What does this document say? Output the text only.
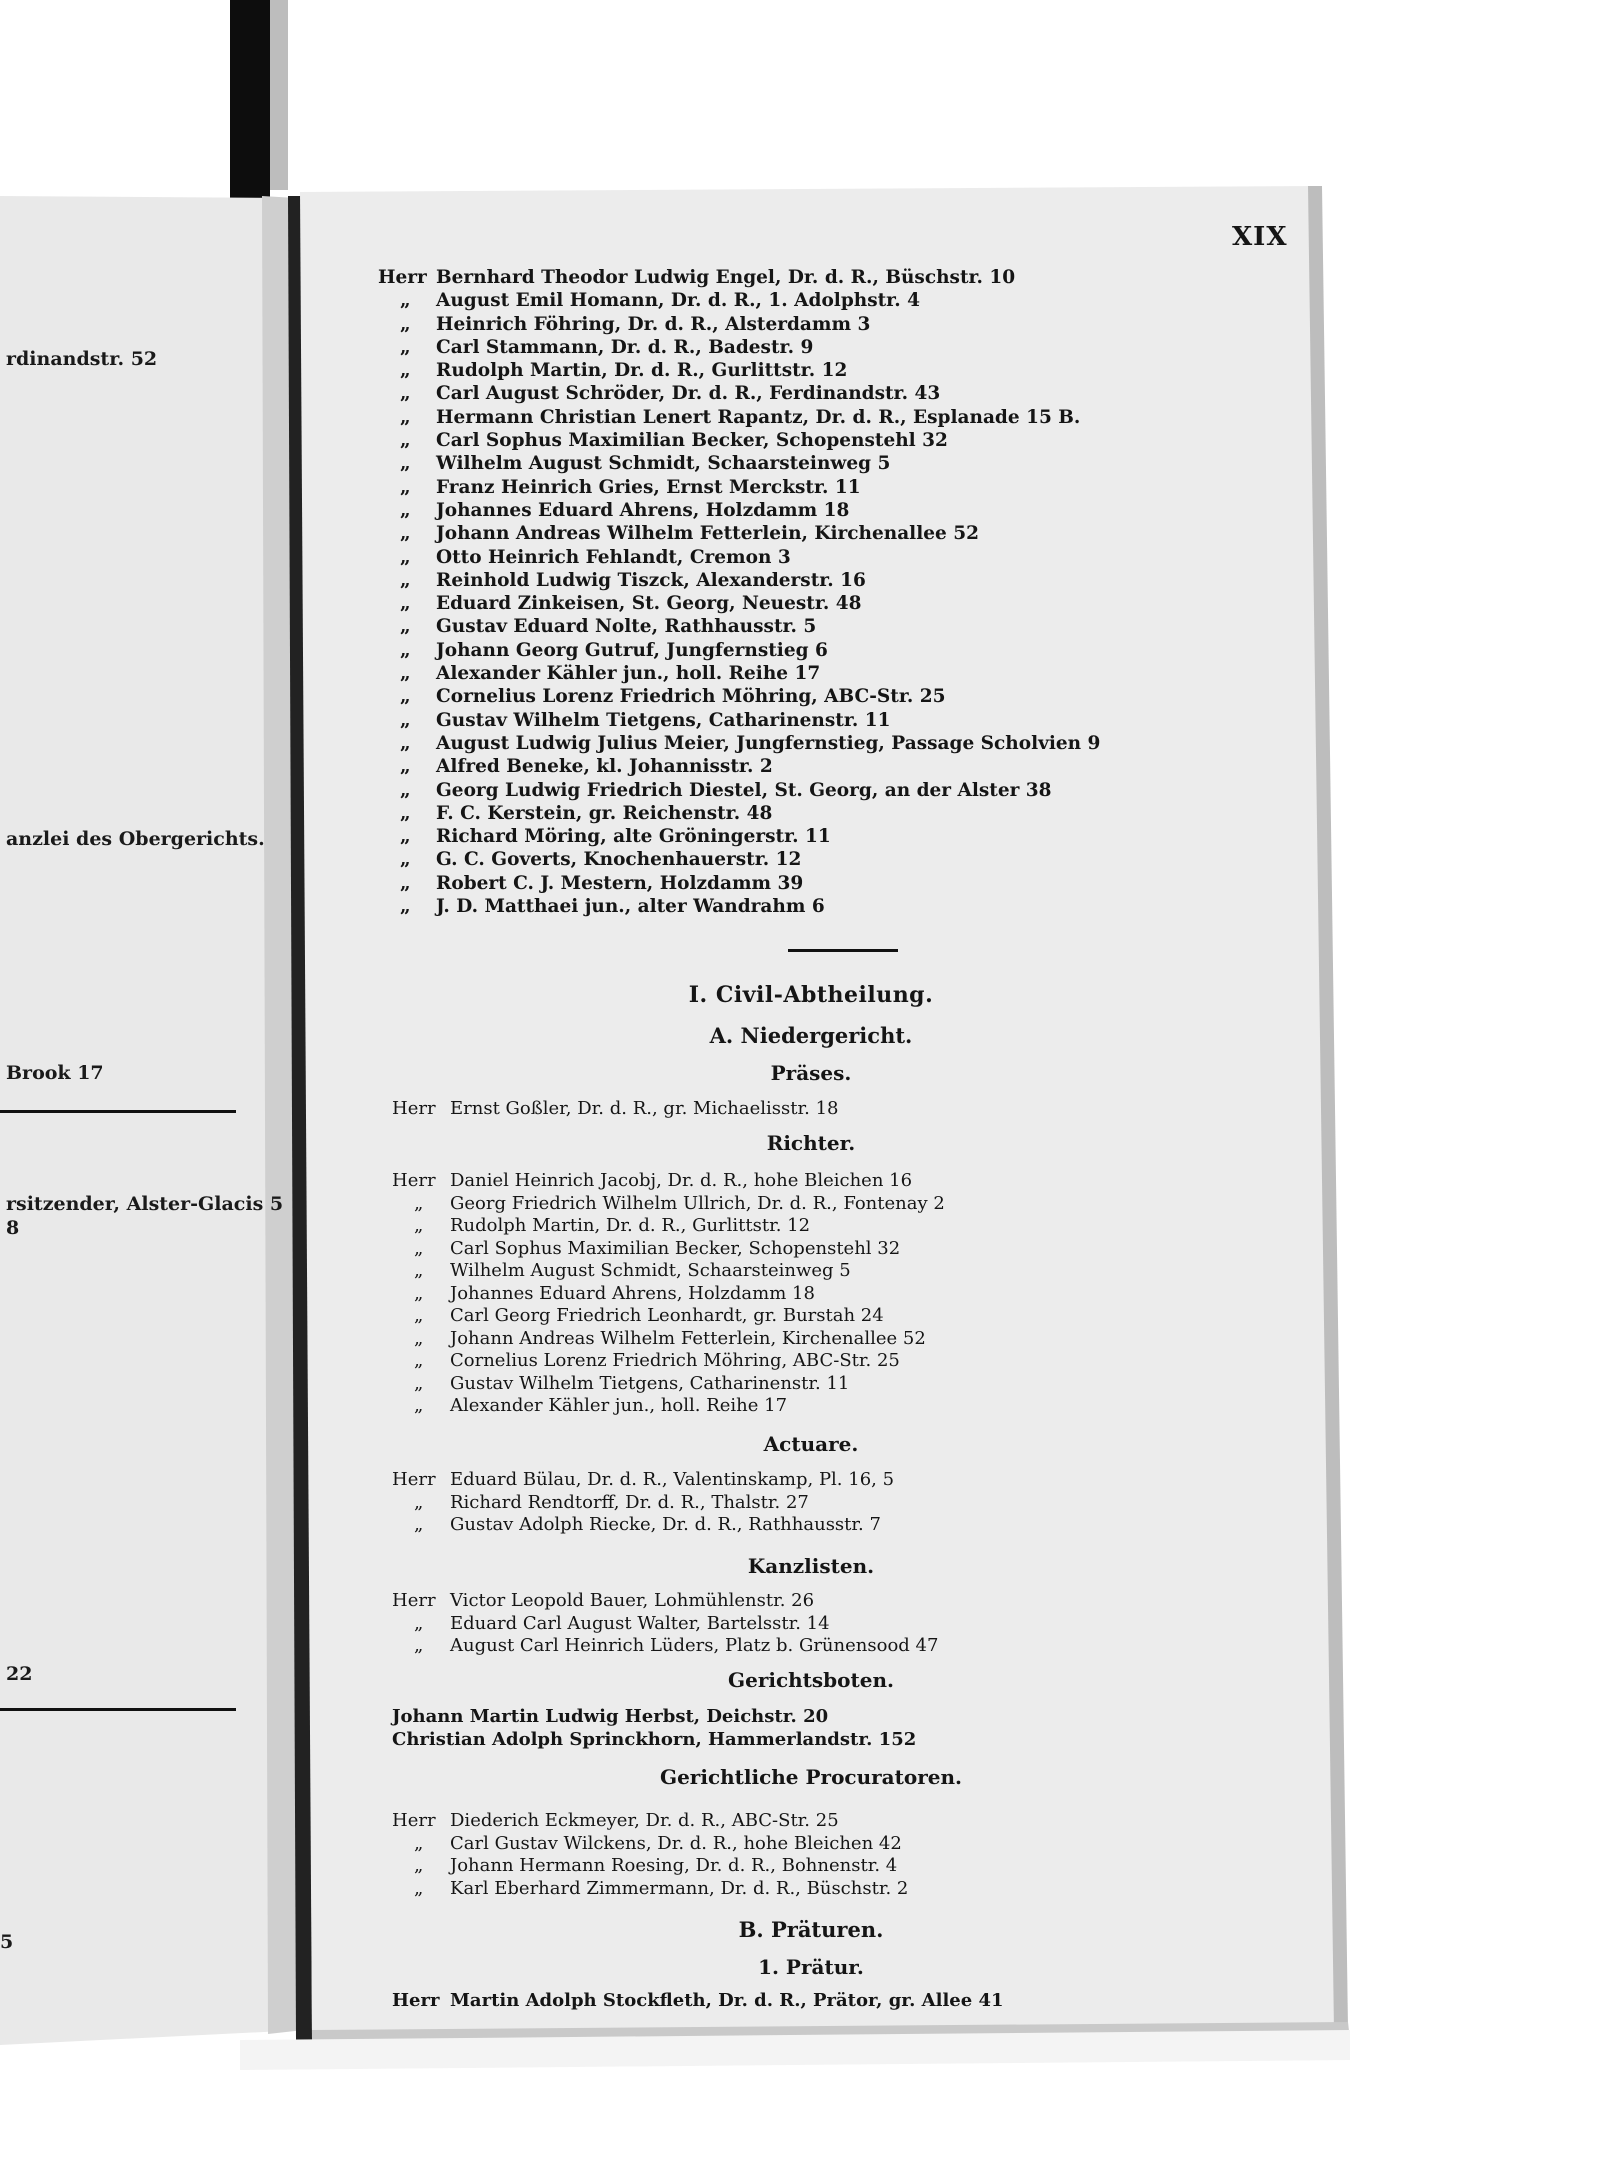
rdinandstr. 52

anzlei des Obergerichts.

Brook 17

rsitzender, Alster-Glacis 5

8

22

5

XIX

Herr Bernhard Theodor Ludwig Engel, Dr. d. R., Büschstr. 10
„ August Emil Homann, Dr. d. R., 1. Adolphstr. 4
„ Heinrich Föhring, Dr. d. R., Alsterdamm 3
„ Carl Stammann, Dr. d. R., Badestr. 9
„ Rudolph Martin, Dr. d. R., Gurlittstr. 12
„ Carl August Schröder, Dr. d. R., Ferdinandstr. 43
„ Hermann Christian Lenert Rapantz, Dr. d. R., Esplanade 15 B.
„ Carl Sophus Maximilian Becker, Schopenstehl 32
„ Wilhelm August Schmidt, Schaarsteinweg 5
„ Franz Heinrich Gries, Ernst Merckstr. 11
„ Johannes Eduard Ahrens, Holzdamm 18
„ Johann Andreas Wilhelm Fetterlein, Kirchenallee 52
„ Otto Heinrich Fehlandt, Cremon 3
„ Reinhold Ludwig Tiszck, Alexanderstr. 16
„ Eduard Zinkeisen, St. Georg, Neuestr. 48
„ Gustav Eduard Nolte, Rathhausstr. 5
„ Johann Georg Gutruf, Jungfernstieg 6
„ Alexander Kähler jun., holl. Reihe 17
„ Cornelius Lorenz Friedrich Möhring, ABC-Str. 25
„ Gustav Wilhelm Tietgens, Catharinenstr. 11
„ August Ludwig Julius Meier, Jungfernstieg, Passage Scholvien 9
„ Alfred Beneke, kl. Johannisstr. 2
„ Georg Ludwig Friedrich Diestel, St. Georg, an der Alster 38
„ F. C. Kerstein, gr. Reichenstr. 48
„ Richard Möring, alte Gröningerstr. 11
„ G. C. Goverts, Knochenhauerstr. 12
„ Robert C. J. Mestern, Holzdamm 39
„ J. D. Matthaei jun., alter Wandrahm 6

I. Civil-Abtheilung.

A. Niedergericht.

Präses.

Herr Ernst Goßler, Dr. d. R., gr. Michaelisstr. 18

Richter.

Herr Daniel Heinrich Jacobj, Dr. d. R., hohe Bleichen 16
„ Georg Friedrich Wilhelm Ullrich, Dr. d. R., Fontenay 2
„ Rudolph Martin, Dr. d. R., Gurlittstr. 12
„ Carl Sophus Maximilian Becker, Schopenstehl 32
„ Wilhelm August Schmidt, Schaarsteinweg 5
„ Johannes Eduard Ahrens, Holzdamm 18
„ Carl Georg Friedrich Leonhardt, gr. Burstah 24
„ Johann Andreas Wilhelm Fetterlein, Kirchenallee 52
„ Cornelius Lorenz Friedrich Möhring, ABC-Str. 25
„ Gustav Wilhelm Tietgens, Catharinenstr. 11
„ Alexander Kähler jun., holl. Reihe 17

Actuare.

Herr Eduard Bülau, Dr. d. R., Valentinskamp, Pl. 16, 5
„ Richard Rendtorff, Dr. d. R., Thalstr. 27
„ Gustav Adolph Riecke, Dr. d. R., Rathhausstr. 7

Kanzlisten.

Herr Victor Leopold Bauer, Lohmühlenstr. 26
„ Eduard Carl August Walter, Bartelsstr. 14
„ August Carl Heinrich Lüders, Platz b. Grünensood 47

Gerichtsboten.

Johann Martin Ludwig Herbst, Deichstr. 20
Christian Adolph Sprinckhorn, Hammerlandstr. 152

Gerichtliche Procuratoren.

Herr Diederich Eckmeyer, Dr. d. R., ABC-Str. 25
„ Carl Gustav Wilckens, Dr. d. R., hohe Bleichen 42
„ Johann Hermann Roesing, Dr. d. R., Bohnenstr. 4
„ Karl Eberhard Zimmermann, Dr. d. R., Büschstr. 2

B. Präturen.

1. Prätur.

Herr Martin Adolph Stockfleth, Dr. d. R., Prätor, gr. Allee 41
